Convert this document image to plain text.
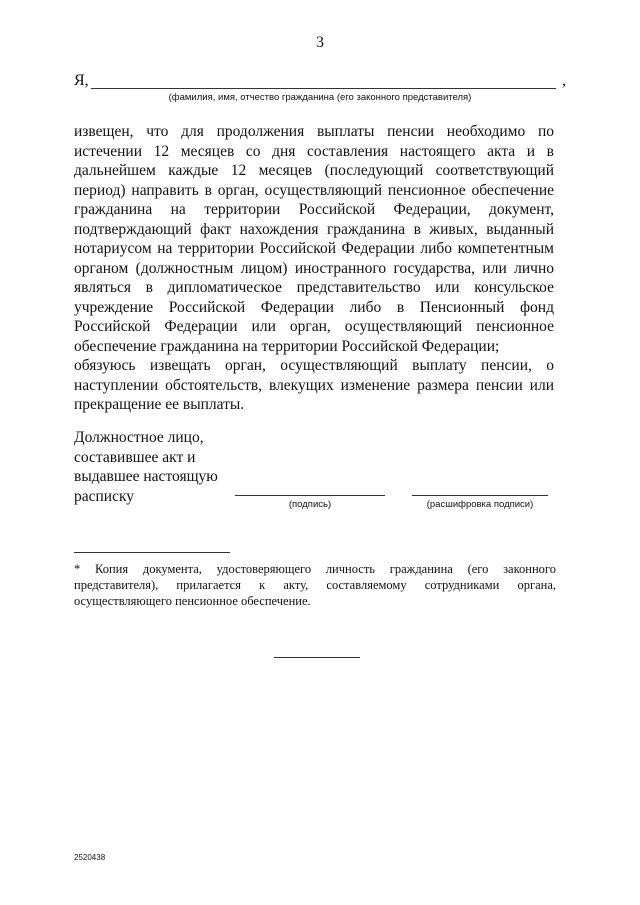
3
Я,	,
(фамилия, имя, отчество гражданина (его законного представителя)

извещен, что для продолжения выплаты пенсии необходимо по истечении 12 месяцев со дня составления настоящего акта и в дальнейшем каждые 12 месяцев (последующий соответствующий период) направить в орган, осуществляющий пенсионное обеспечение гражданина на территории Российской Федерации, документ, подтверждающий факт нахождения гражданина в живых, выданный нотариусом на территории Российской Федерации либо компетентным органом (должностным лицом) иностранного государства, или лично являться в дипломатическое представительство или консульское учреждение Российской Федерации либо в Пенсионный фонд Российской Федерации или орган, осуществляющий пенсионное обеспечение гражданина на территории Российской Федерации;

обязуюсь извещать орган, осуществляющий выплату пенсии, о наступлении обстоятельств, влекущих изменение размера пенсии или прекращение ее выплаты.

Должностное лицо, составившее акт и выдавшее настоящую расписку	(подпись)	(расшифровка подписи)
* Копия документа, удостоверяющего личность гражданина (его законного представителя), прилагается к акту, составляемому сотрудниками органа, осуществляющего пенсионное обеспечение.
2520438
